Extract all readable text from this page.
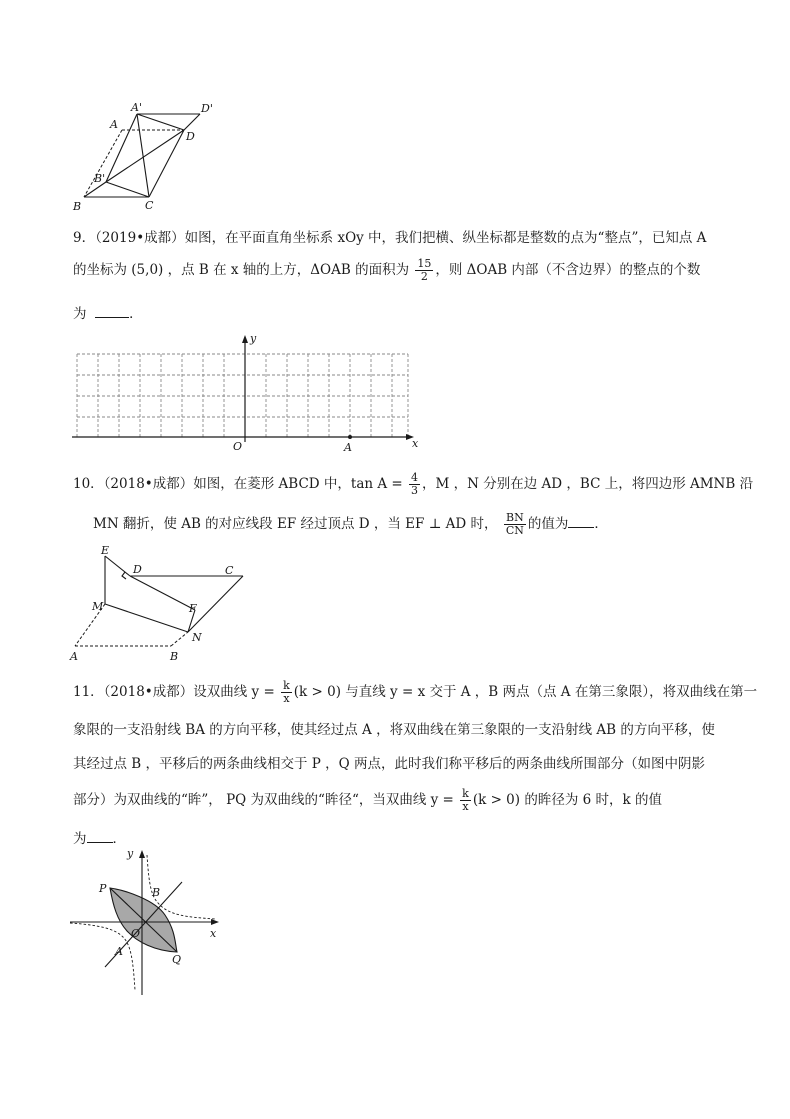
A'	D'
A
D
B'
B	C
9．（2019•成都）如图，在平面直角坐标系 xOy 中，我们把横、纵坐标都是整数的点为“整点”，已知点 A
的坐标为 (5,0) ，点 B 在 x 轴的上方，ΔOAB 的面积为 $\frac{15}{2}$ ，则 ΔOAB 内部（不含边界）的整点的个数
为	．
y
x
O	A
10．（2018•成都）如图，在菱形 ABCD 中，$\tan A = \frac{4}{3}$ ，M ，N 分别在边 AD ，BC 上，将四边形 AMNB 沿
MN 翻折，使 AB 的对应线段 EF 经过顶点 D ，当 EF ⊥ AD 时， $\frac{BN}{CN}$ 的值为 ．
E
D	C
M	F
N
A	B
11．（2018•成都）设双曲线 $y = \frac{k}{x} (k > 0)$ 与直线 y = x 交于 A ，B 两点（点 A 在第三象限），将双曲线在第一
象限的一支沿射线 BA 的方向平移，使其经过点 A ，将双曲线在第三象限的一支沿射线 AB 的方向平移，使
其经过点 B ，平移后的两条曲线相交于 P ，Q 两点，此时我们称平移后的两条曲线所围部分（如图中阴影
部分）为双曲线的“眸”， PQ 为双曲线的“眸径“，当双曲线 $y = \frac{k}{x} (k > 0)$ 的眸径为 6 时，k 的值
为 ．
y
x
P	B
O
A
Q
